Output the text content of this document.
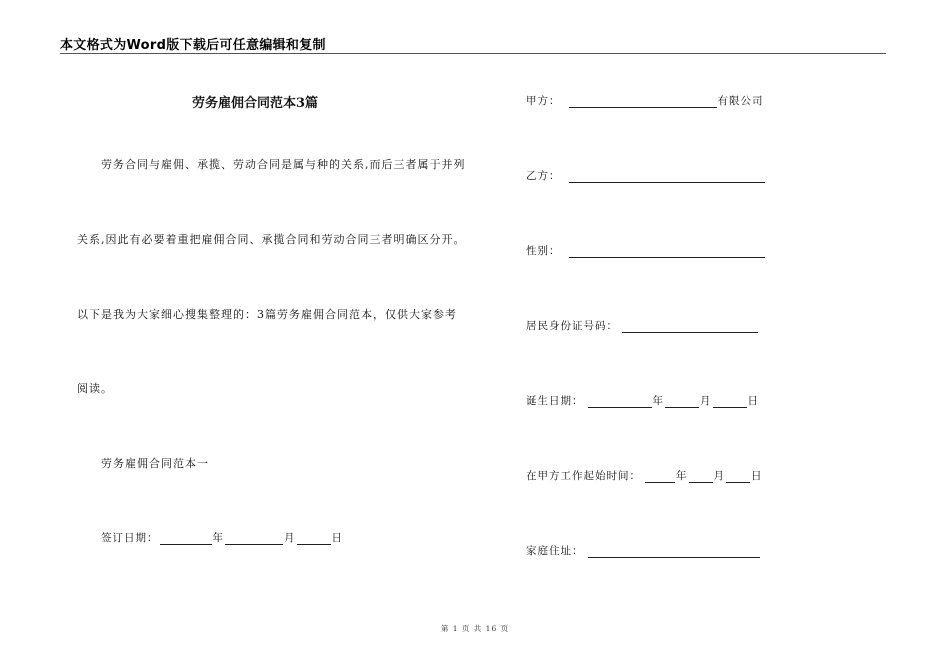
本文格式为Word版下载后可任意编辑和复制
劳务雇佣合同范本3篇
劳务合同与雇佣、承揽、劳动合同是属与种的关系,而后三者属于并列
关系,因此有必要着重把雇佣合同、承揽合同和劳动合同三者明确区分开。
以下是我为大家细心搜集整理的：3篇劳务雇佣合同范本，仅供大家参考
阅读。
劳务雇佣合同范本一
签订日期：	年	月	日
甲方：	有限公司
乙方：
性别：
居民身份证号码：
诞生日期：	年	月	日
在甲方工作起始时间：	年 月 日
家庭住址：
第 1 页 共 16 页
